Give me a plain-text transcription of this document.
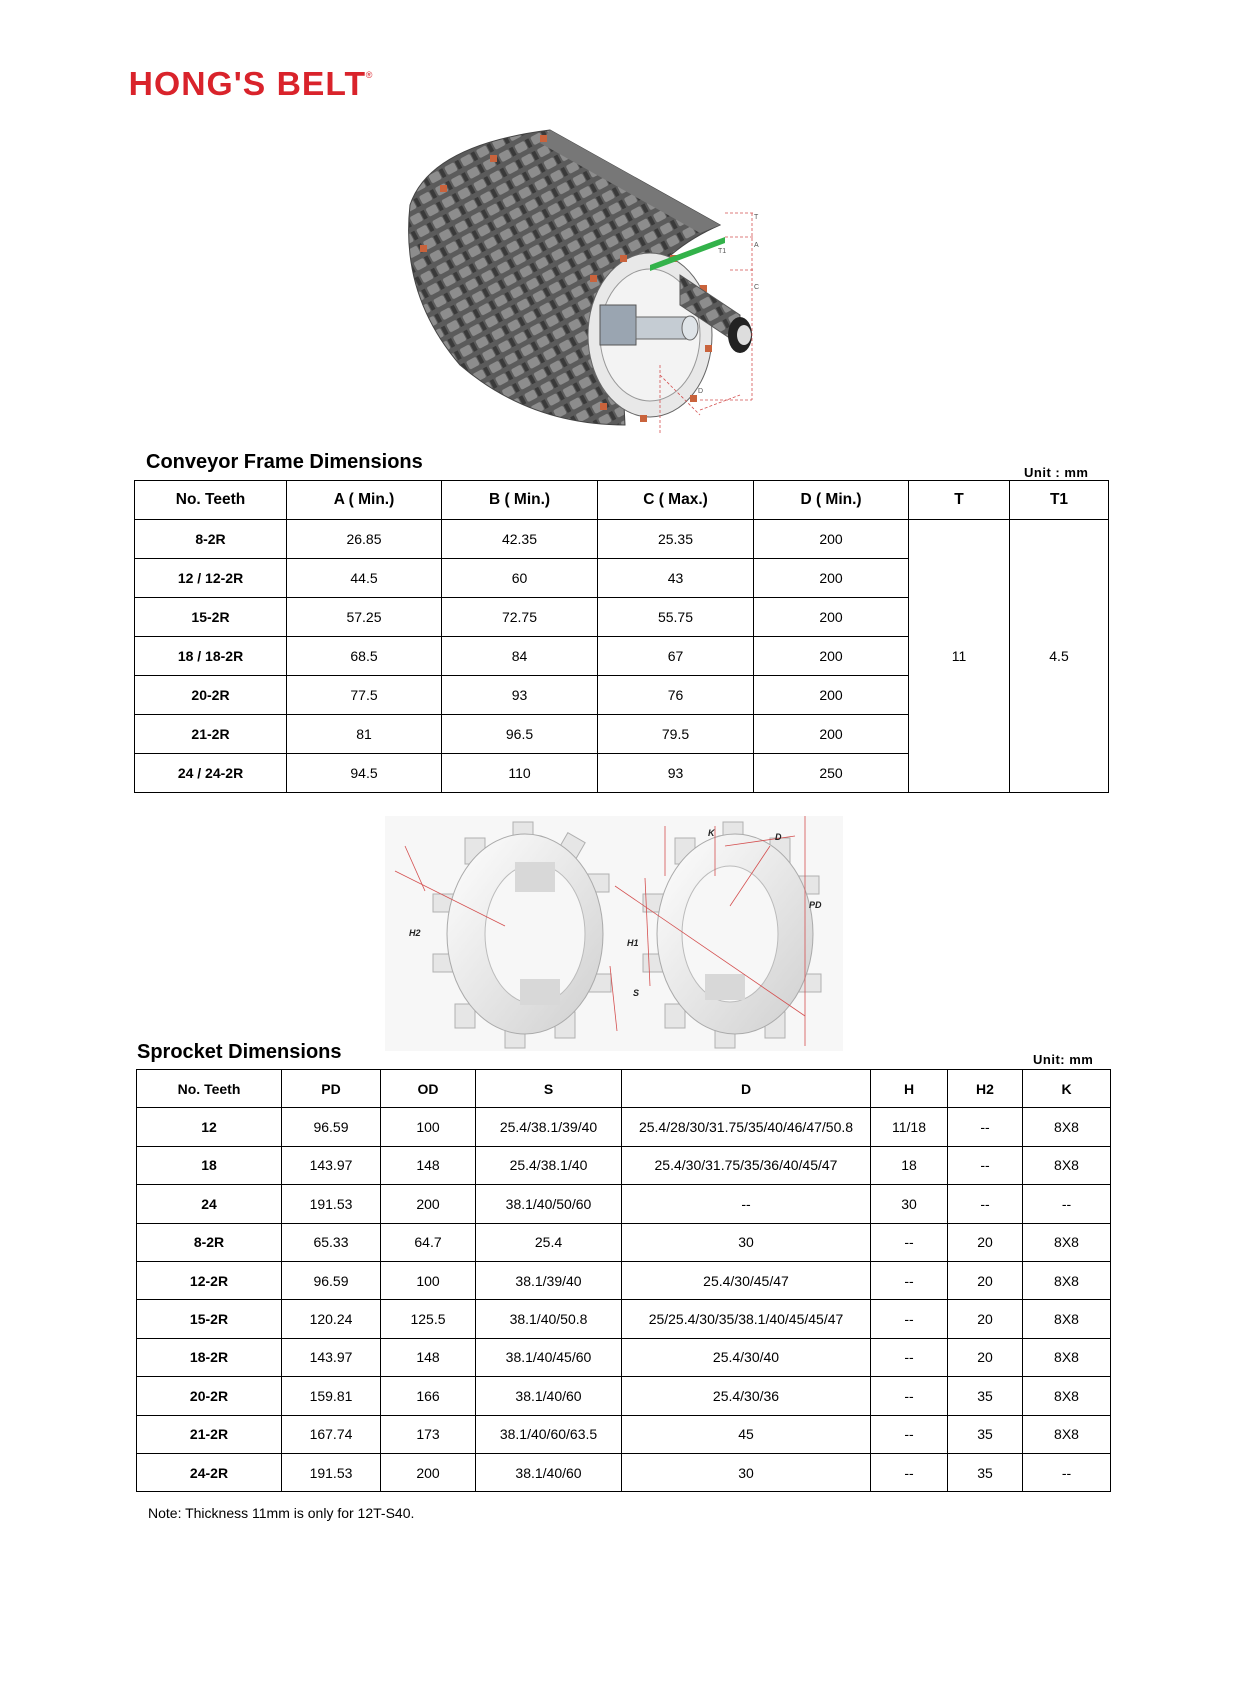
HONG'S BELT ®
T
T1
A
C
D
Conveyor Frame Dimensions	Unit : mm
No. Teeth	A ( Min.)	B ( Min.)	C ( Max.)	D ( Min.)	T	T1
8-2R	26.85	42.35	25.35	200	11	4.5
12 / 12-2R	44.5	60	43	200		
15-2R	57.25	72.75	55.75	200		
18 / 18-2R	68.5	84	67	200		
20-2R	77.5	93	76	200		
21-2R	81	96.5	79.5	200		
24 / 24-2R	94.5	110	93	250		
K	D
PD
H1
H2
S
Sprocket Dimensions	Unit: mm
No. Teeth	PD	OD	S	D	H	H2	K
12	96.59	100	25.4/38.1/39/40	25.4/28/30/31.75/35/40/46/47/50.8	11/18	--	8X8
18	143.97	148	25.4/38.1/40	25.4/30/31.75/35/36/40/45/47	18	--	8X8
24	191.53	200	38.1/40/50/60	--	30	--	--
8-2R	65.33	64.7	25.4	30	--	20	8X8
12-2R	96.59	100	38.1/39/40	25.4/30/45/47	--	20	8X8
15-2R	120.24	125.5	38.1/40/50.8	25/25.4/30/35/38.1/40/45/45/47	--	20	8X8
18-2R	143.97	148	38.1/40/45/60	25.4/30/40	--	20	8X8
20-2R	159.81	166	38.1/40/60	25.4/30/36	--	35	8X8
21-2R	167.74	173	38.1/40/60/63.5	45	--	35	8X8
24-2R	191.53	200	38.1/40/60	30	--	35	--
Note: Thickness 11mm is only for 12T-S40.
